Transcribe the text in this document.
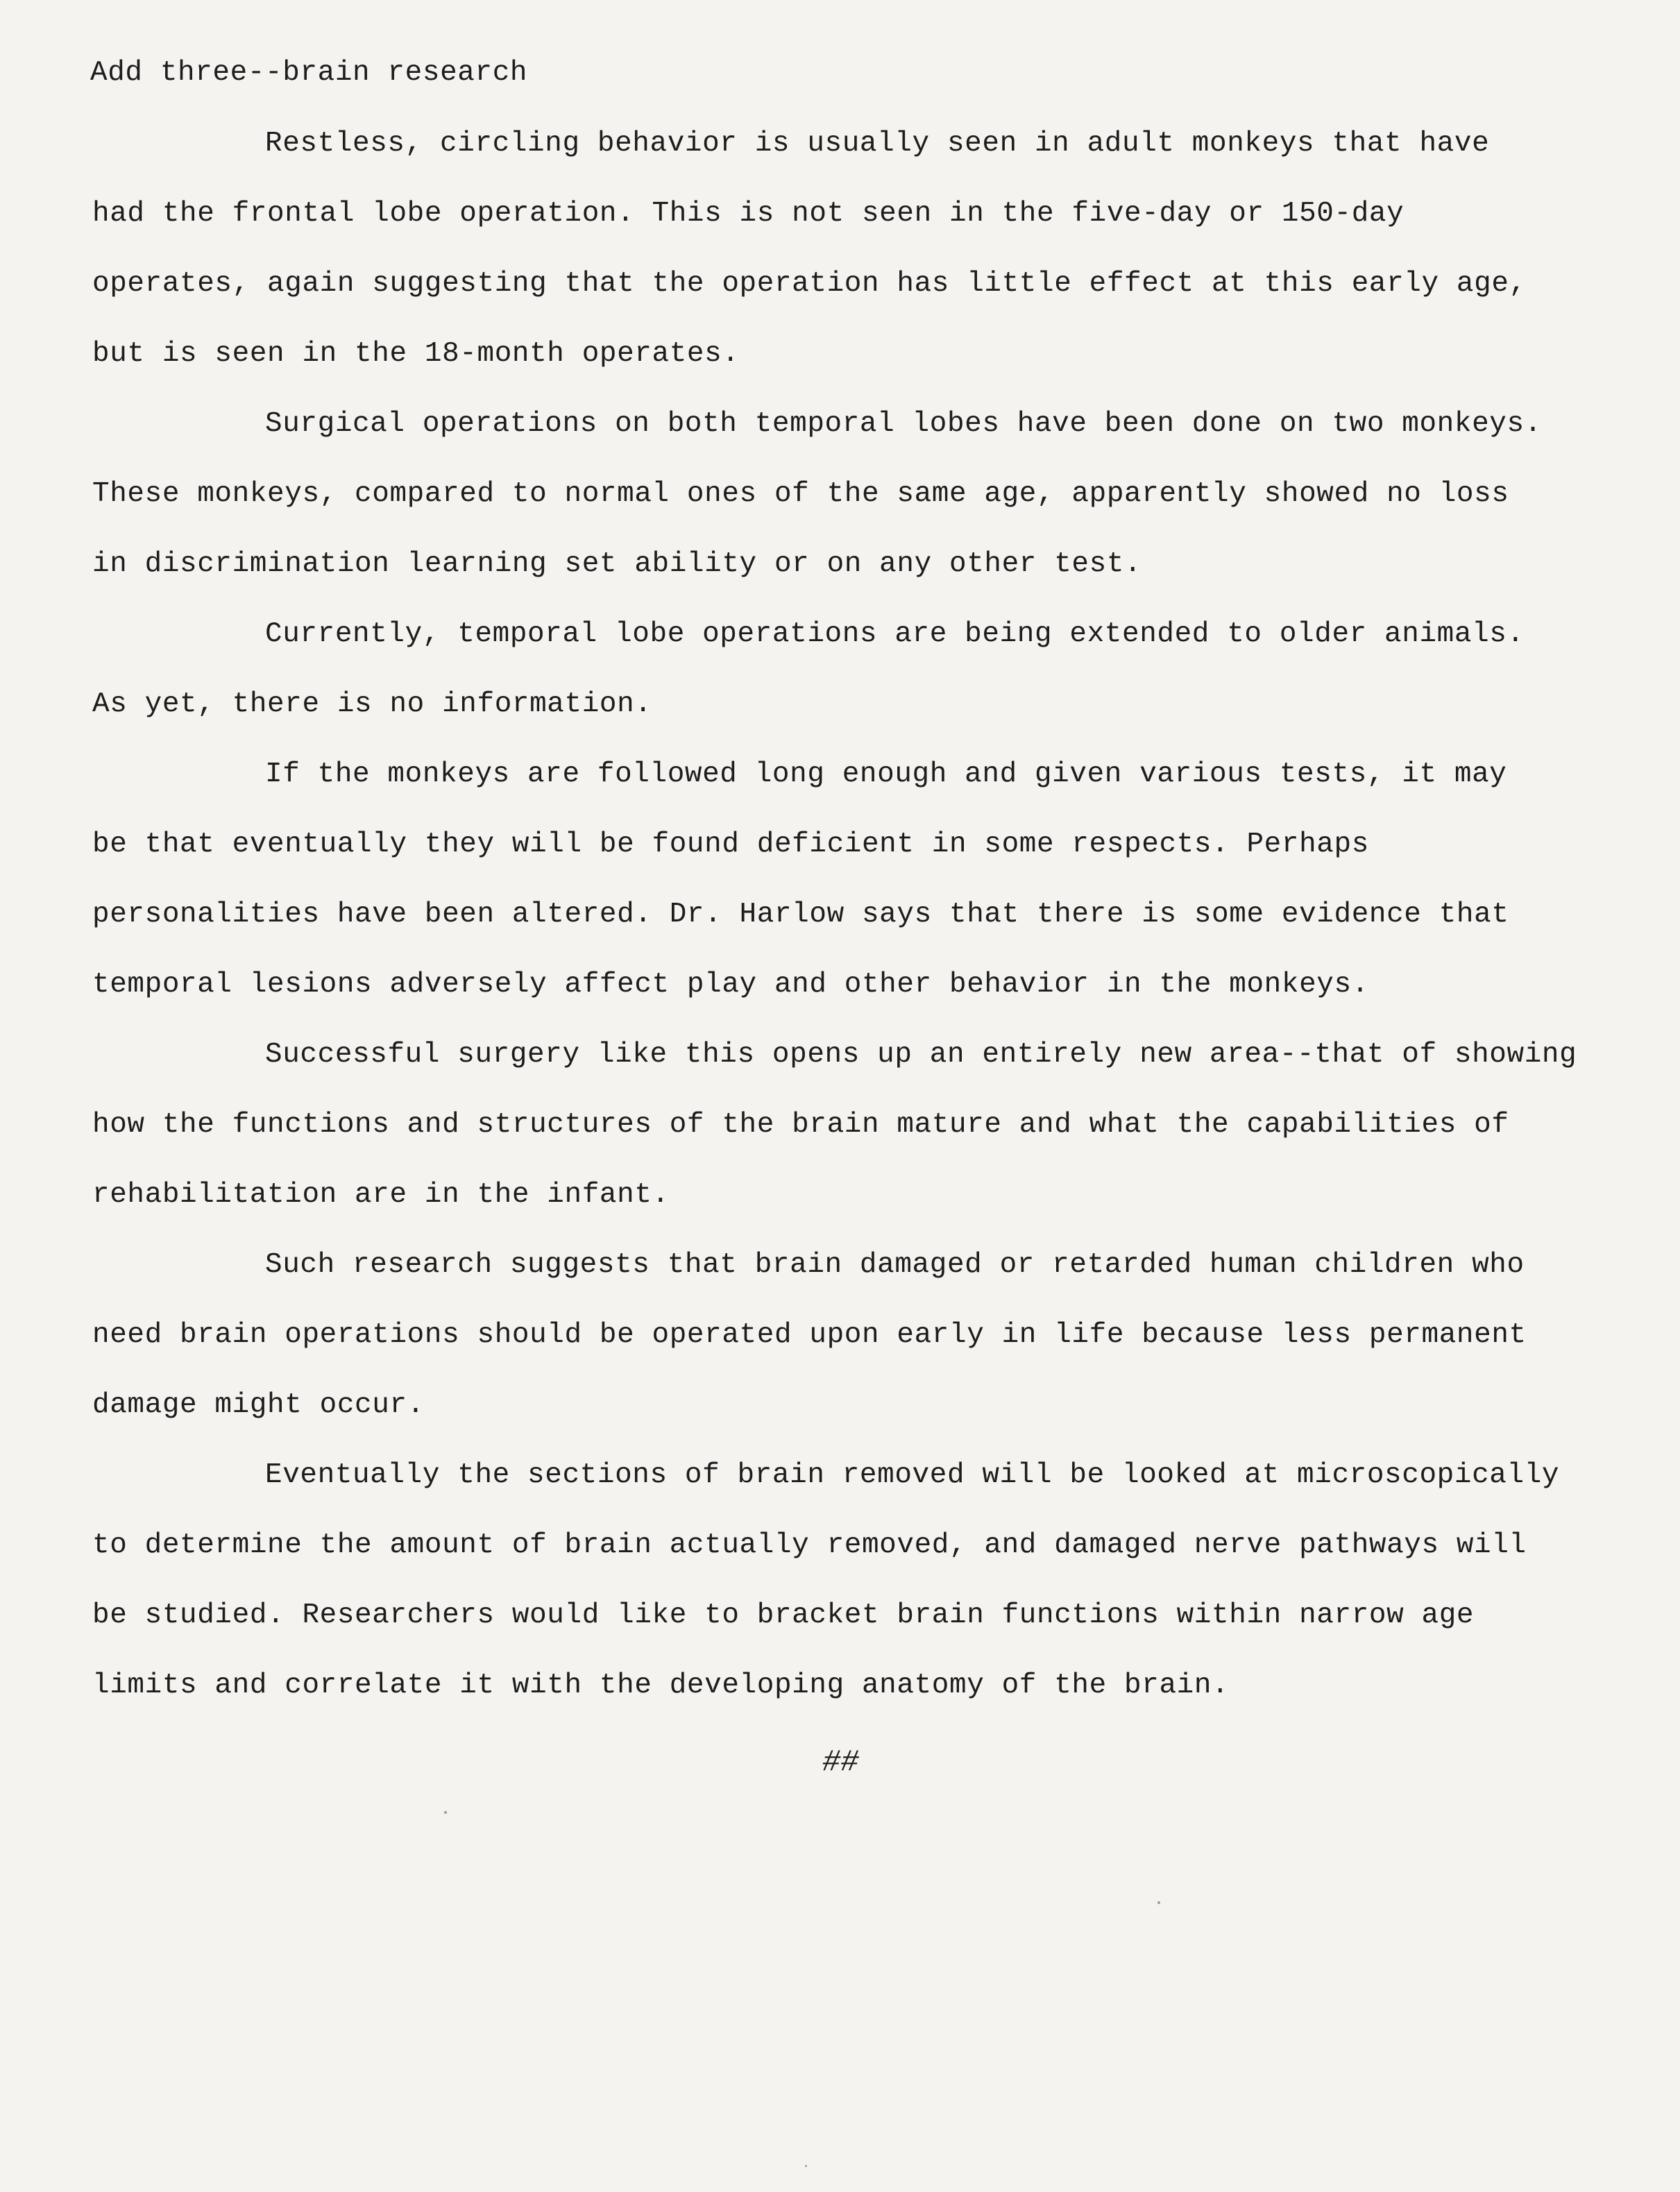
Add three--brain research
Restless, circling behavior is usually seen in adult monkeys that have
had the frontal lobe operation. This is not seen in the five-day or 150-day
operates, again suggesting that the operation has little effect at this early age,
but is seen in the 18-month operates.
Surgical operations on both temporal lobes have been done on two monkeys.
These monkeys, compared to normal ones of the same age, apparently showed no loss
in discrimination learning set ability or on any other test.
Currently, temporal lobe operations are being extended to older animals.
As yet, there is no information.
If the monkeys are followed long enough and given various tests, it may
be that eventually they will be found deficient in some respects. Perhaps
personalities have been altered. Dr. Harlow says that there is some evidence that
temporal lesions adversely affect play and other behavior in the monkeys.
Successful surgery like this opens up an entirely new area--that of showing
how the functions and structures of the brain mature and what the capabilities of
rehabilitation are in the infant.
Such research suggests that brain damaged or retarded human children who
need brain operations should be operated upon early in life because less permanent
damage might occur.
Eventually the sections of brain removed will be looked at microscopically
to determine the amount of brain actually removed, and damaged nerve pathways will
be studied. Researchers would like to bracket brain functions within narrow age
limits and correlate it with the developing anatomy of the brain.
##
